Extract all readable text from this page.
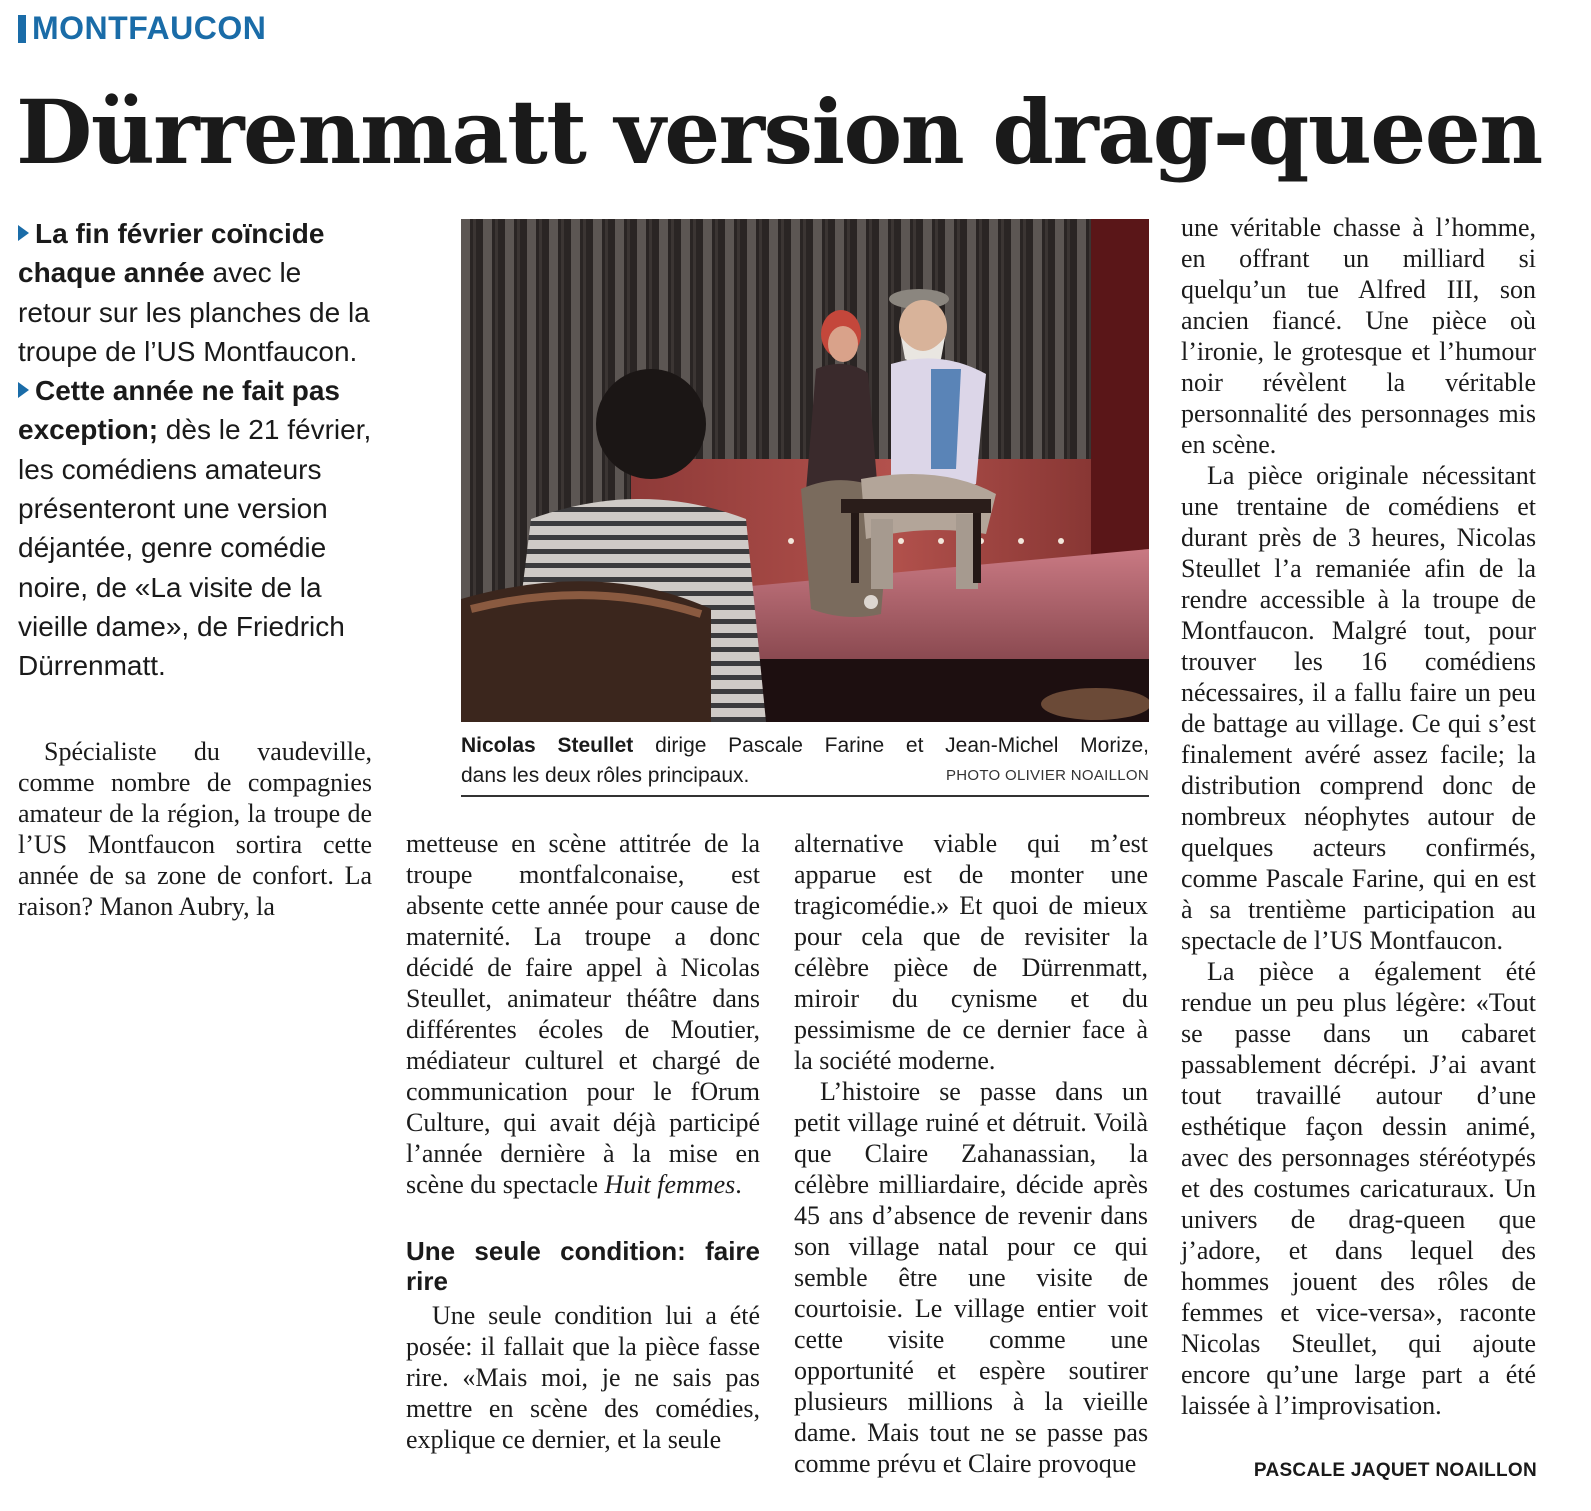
MONTFAUCON
Dürrenmatt version drag-queen

La fin février coïncide chaque année avec le retour sur les planches de la troupe de l’US Montfaucon.

Cette année ne fait pas exception; dès le 21 février, les comédiens amateurs présenteront une version déjantée, genre comédie noire, de «La visite de la vieille dame», de Friedrich Dürrenmatt.

Nicolas Steullet dirige Pascale Farine et Jean-Michel Morize,
dans les deux rôles principaux.	PHOTO OLIVIER NOAILLON

Spécialiste du vaudeville, comme nombre de compagnies amateur de la région, la troupe de l’US Montfaucon sortira cette année de sa zone de confort. La raison? Manon Aubry, la

metteuse en scène attitrée de la troupe montfalconaise, est absente cette année pour cause de maternité. La troupe a donc décidé de faire appel à Nicolas Steullet, animateur théâtre dans différentes écoles de Moutier, médiateur culturel et chargé de communication pour le fOrum Culture, qui avait déjà participé l’année dernière à la mise en scène du spectacle Huit femmes.

Une seule condition: faire rire

Une seule condition lui a été posée: il fallait que la pièce fasse rire. «Mais moi, je ne sais pas mettre en scène des comédies, explique ce dernier, et la seule

alternative viable qui m’est apparue est de monter une tragicomédie.» Et quoi de mieux pour cela que de revisiter la célèbre pièce de Dürrenmatt, miroir du cynisme et du pessimisme de ce dernier face à la société moderne.

L’histoire se passe dans un petit village ruiné et détruit. Voilà que Claire Zahanassian, la célèbre milliardaire, décide après 45 ans d’absence de revenir dans son village natal pour ce qui semble être une visite de courtoisie. Le village entier voit cette visite comme une opportunité et espère soutirer plusieurs millions à la vieille dame. Mais tout ne se passe pas comme prévu et Claire provoque

une véritable chasse à l’homme, en offrant un milliard si quelqu’un tue Alfred III, son ancien fiancé. Une pièce où l’ironie, le grotesque et l’humour noir révèlent la véritable personnalité des personnages mis en scène.

La pièce originale nécessitant une trentaine de comédiens et durant près de 3 heures, Nicolas Steullet l’a remaniée afin de la rendre accessible à la troupe de Montfaucon. Malgré tout, pour trouver les 16 comédiens nécessaires, il a fallu faire un peu de battage au village. Ce qui s’est finalement avéré assez facile; la distribution comprend donc de nombreux néophytes autour de quelques acteurs confirmés, comme Pascale Farine, qui en est à sa trentième participation au spectacle de l’US Montfaucon.

La pièce a également été rendue un peu plus légère: «Tout se passe dans un cabaret passablement décrépi. J’ai avant tout travaillé autour d’une esthétique façon dessin animé, avec des personnages stéréotypés et des costumes caricaturaux. Un univers de drag-queen que j’adore, et dans lequel des hommes jouent des rôles de femmes et vice-versa», raconte Nicolas Steullet, qui ajoute encore qu’une large part a été laissée à l’improvisation.

PASCALE JAQUET NOAILLON
